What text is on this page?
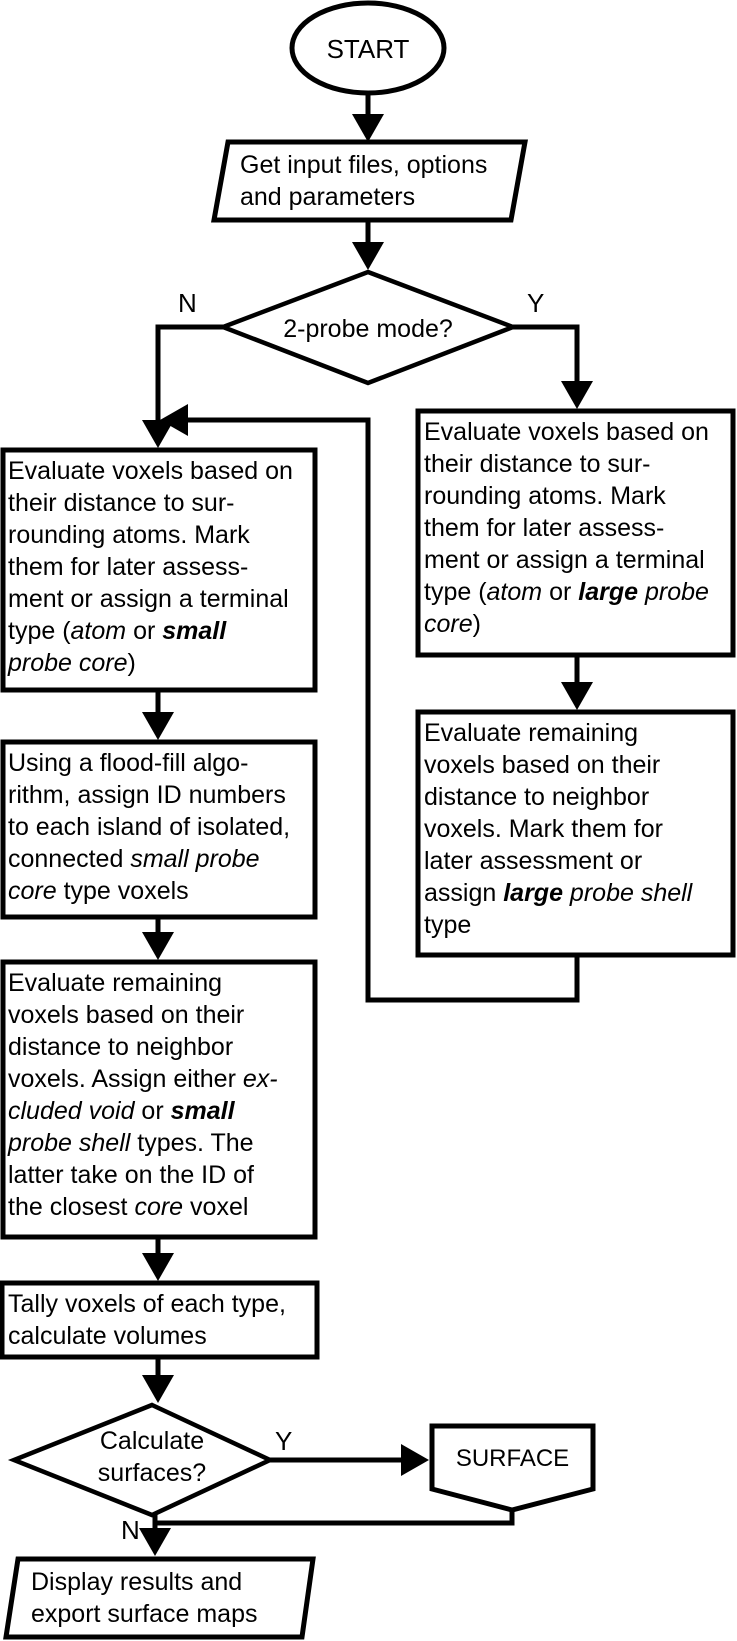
START
Get input files, options
and parameters
2-probe mode?
N	Y
Evaluate voxels based on
their distance to sur-
rounding atoms. Mark
them for later assess-
ment or assign a terminal
type (atom or small
probe core)
Using a flood-fill algo-
rithm, assign ID numbers
to each island of isolated,
connected small probe
core type voxels
Evaluate remaining
voxels based on their
distance to neighbor
voxels. Assign either ex-
cluded void or small
probe shell types. The
latter take on the ID of
the closest core voxel
Tally voxels of each type,
calculate volumes
Evaluate voxels based on
their distance to sur-
rounding atoms. Mark
them for later assess-
ment or assign a terminal
type (atom or large probe
core)
Evaluate remaining
voxels based on their
distance to neighbor
voxels. Mark them for
later assessment or
assign large probe shell
type
Calculate
surfaces?
Y
N
SURFACE
Display results and
export surface maps
